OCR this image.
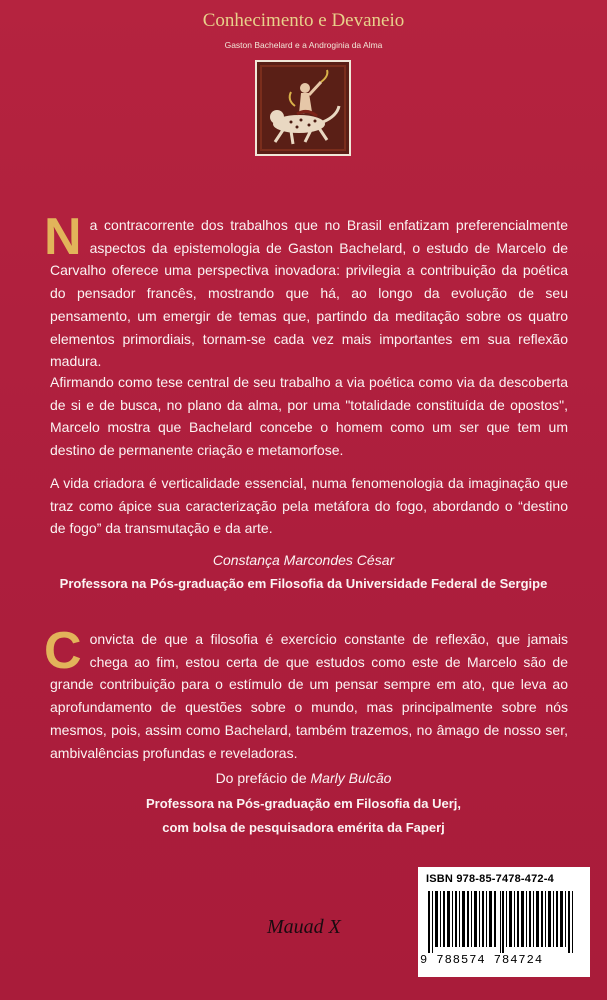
Conhecimento e Devaneio
Gaston Bachelard e a Androginia da Alma

Na contracorrente dos trabalhos que no Brasil enfatizam preferencialmente aspectos da epistemologia de Gaston Bachelard, o estudo de Marcelo de Carvalho oferece uma perspectiva inovadora: privilegia a contribuição da poética do pensador francês, mostrando que há, ao longo da evolução de seu pensamento, um emergir de temas que, partindo da meditação sobre os quatro elementos primordiais, tornam-se cada vez mais importantes em sua reflexão madura.

Afirmando como tese central de seu trabalho a via poética como via da descoberta de si e de busca, no plano da alma, por uma "totalidade constituída de opostos", Marcelo mostra que Bachelard concebe o homem como um ser que tem um destino de permanente criação e metamorfose.

A vida criadora é verticalidade essencial, numa fenomenologia da imaginação que traz como ápice sua caracterização pela metáfora do fogo, abordando o “destino de fogo” da transmutação e da arte.

Constança Marcondes César
Professora na Pós-graduação em Filosofia da Universidade Federal de Sergipe

Convicta de que a filosofia é exercício constante de reflexão, que jamais chega ao fim, estou certa de que estudos como este de Marcelo são de grande contribuição para o estímulo de um pensar sempre em ato, que leva ao aprofundamento de questões sobre o mundo, mas principalmente sobre nós mesmos, pois, assim como Bachelard, também trazemos, no âmago de nosso ser, ambivalências profundas e reveladoras.

Do prefácio de Marly Bulcão
Professora na Pós-graduação em Filosofia da Uerj,
com bolsa de pesquisadora emérita da Faperj
Mauad X
ISBN 978-85-7478-472-4
9 788574 784724
